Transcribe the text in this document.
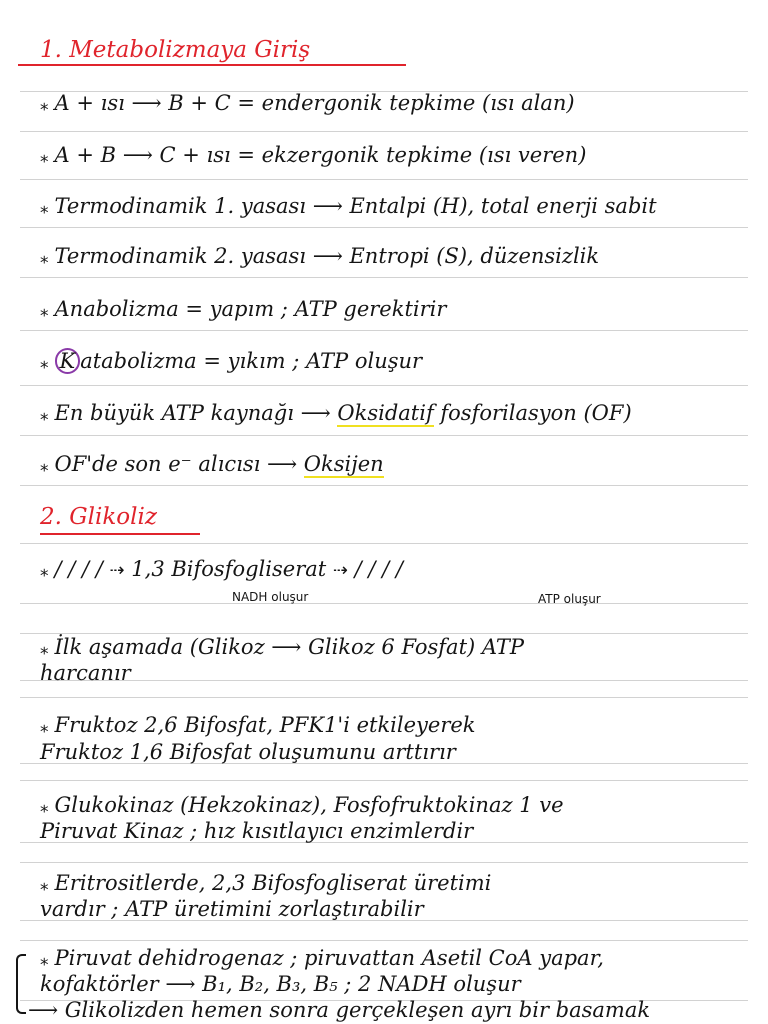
1. Metabolizmaya Giriş
⁎ A + ısı ⟶ B + C = endergonik tepkime (ısı alan)
⁎ A + B ⟶ C + ısı = ekzergonik tepkime (ısı veren)
⁎ Termodinamik 1. yasası ⟶ Entalpi (H), total enerji sabit
⁎ Termodinamik 2. yasası ⟶ Entropi (S), düzensizlik
⁎ Anabolizma = yapım ; ATP gerektirir
⁎ K atabolizma = yıkım ; ATP oluşur
⁎ En büyük ATP kaynağı ⟶ Oksidatif fosforilasyon (OF)
⁎ OF'de son e⁻ alıcısı ⟶ Oksijen
2. Glikoliz
⁎ / / / / ⇢ 1,3 Bifosfogliserat ⇢ / / / /
NADH oluşur	ATP oluşur
⁎ İlk aşamada (Glikoz ⟶ Glikoz 6 Fosfat) ATP
harcanır
⁎ Fruktoz 2,6 Bifosfat, PFK1'i etkileyerek
Fruktoz 1,6 Bifosfat oluşumunu arttırır
⁎ Glukokinaz (Hekzokinaz), Fosfofruktokinaz 1 ve
Piruvat Kinaz ; hız kısıtlayıcı enzimlerdir
⁎ Eritrositlerde, 2,3 Bifosfogliserat üretimi
vardır ; ATP üretimini zorlaştırabilir
⁎ Piruvat dehidrogenaz ; piruvattan Asetil CoA yapar,
kofaktörler ⟶ B₁, B₂, B₃, B₅ ; 2 NADH oluşur
⟶ Glikolizden hemen sonra gerçekleşen ayrı bir basamak
